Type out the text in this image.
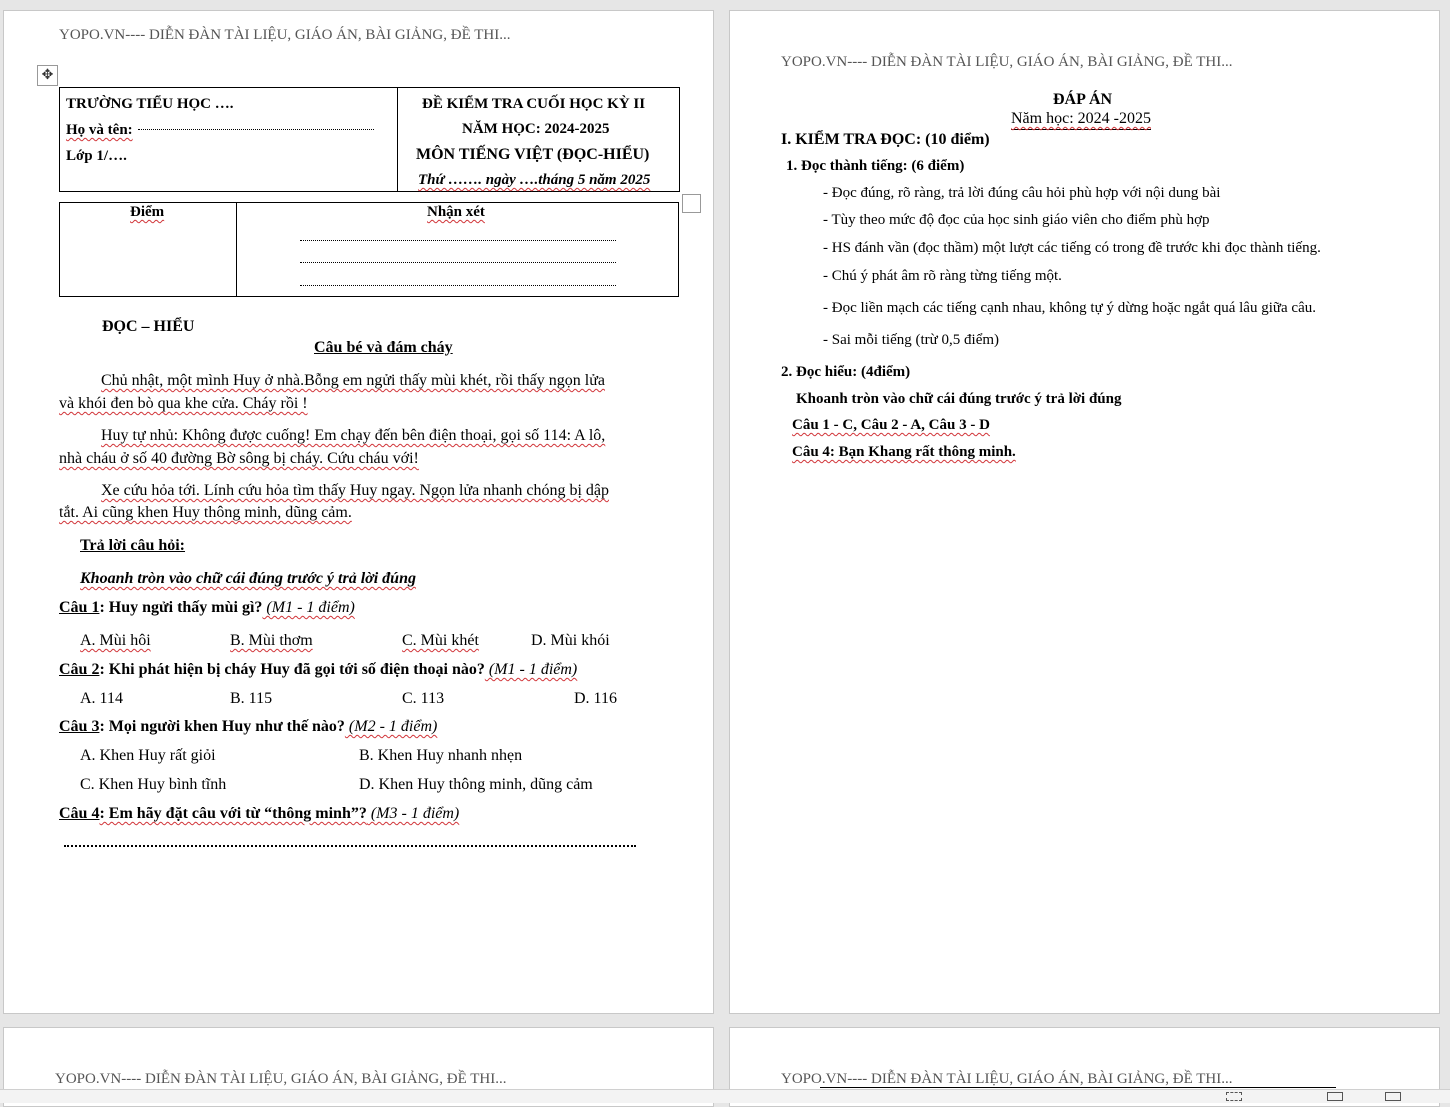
YOPO.VN---- DIỄN ĐÀN TÀI LIỆU, GIÁO ÁN, BÀI GIẢNG, ĐỀ THI...
✥
TRƯỜNG TIỂU HỌC ….
Họ và tên:
Lớp 1/….
ĐỀ KIỂM TRA CUỐI HỌC KỲ II
NĂM HỌC: 2024-2025
MÔN TIẾNG VIỆT (ĐỌC-HIỂU)
Thứ ……. ngày ….tháng 5 năm 2025
Điểm	Nhận xét
ĐỌC – HIỂU
Câu bé và đám cháy
Chủ nhật, một mình Huy ở nhà.Bỗng em ngửi thấy mùi khét, rồi thấy ngọn lửa
và khói đen bò qua khe cửa. Cháy rồi !
Huy tự nhủ: Không được cuống! Em chạy đến bên điện thoại, gọi số 114: A lô,
nhà cháu ở số 40 đường Bờ sông bị cháy. Cứu cháu với!
Xe cứu hỏa tới. Lính cứu hỏa tìm thấy Huy ngay. Ngọn lửa nhanh chóng bị dập
tắt. Ai cũng khen Huy thông minh, dũng cảm.
Trả lời câu hỏi:
Khoanh tròn vào chữ cái đúng trước ý trả lời đúng
Câu 1: Huy ngửi thấy mùi gì? (M1 - 1 điểm)
A. Mùi hôi	B. Mùi thơm	C. Mùi khét	D. Mùi khói
Câu 2: Khi phát hiện bị cháy Huy đã gọi tới số điện thoại nào? (M1 - 1 điểm)
A. 114	B. 115	C. 113	D. 116
Câu 3: Mọi người khen Huy như thế nào? (M2 - 1 điểm)
A. Khen Huy rất giỏi	B. Khen Huy nhanh nhẹn
C. Khen Huy bình tĩnh	D. Khen Huy thông minh, dũng cảm
Câu 4: Em hãy đặt câu với từ “thông minh”? (M3 - 1 điểm)
YOPO.VN---- DIỄN ĐÀN TÀI LIỆU, GIÁO ÁN, BÀI GIẢNG, ĐỀ THI...
ĐÁP ÁN
Năm học: 2024 -2025
I. KIỂM TRA ĐỌC: (10 điểm)
1. Đọc thành tiếng: (6 điểm)
- Đọc đúng, rõ ràng, trả lời đúng câu hỏi phù hợp với nội dung bài
- Tùy theo mức độ đọc của học sinh giáo viên cho điểm phù hợp
- HS đánh vần (đọc thầm) một lượt các tiếng có trong đề trước khi đọc thành tiếng.
- Chú ý phát âm rõ ràng từng tiếng một.
- Đọc liền mạch các tiếng cạnh nhau, không tự ý dừng hoặc ngắt quá lâu giữa câu.
- Sai mỗi tiếng (trừ 0,5 điểm)
2. Đọc hiểu: (4điểm)
Khoanh tròn vào chữ cái đúng trước ý trả lời đúng
Câu 1 - C, Câu 2 - A, Câu 3 - D
Câu 4: Bạn Khang rất thông minh.
YOPO.VN---- DIỄN ĐÀN TÀI LIỆU, GIÁO ÁN, BÀI GIẢNG, ĐỀ THI...	YOPO.VN---- DIỄN ĐÀN TÀI LIỆU, GIÁO ÁN, BÀI GIẢNG, ĐỀ THI...
